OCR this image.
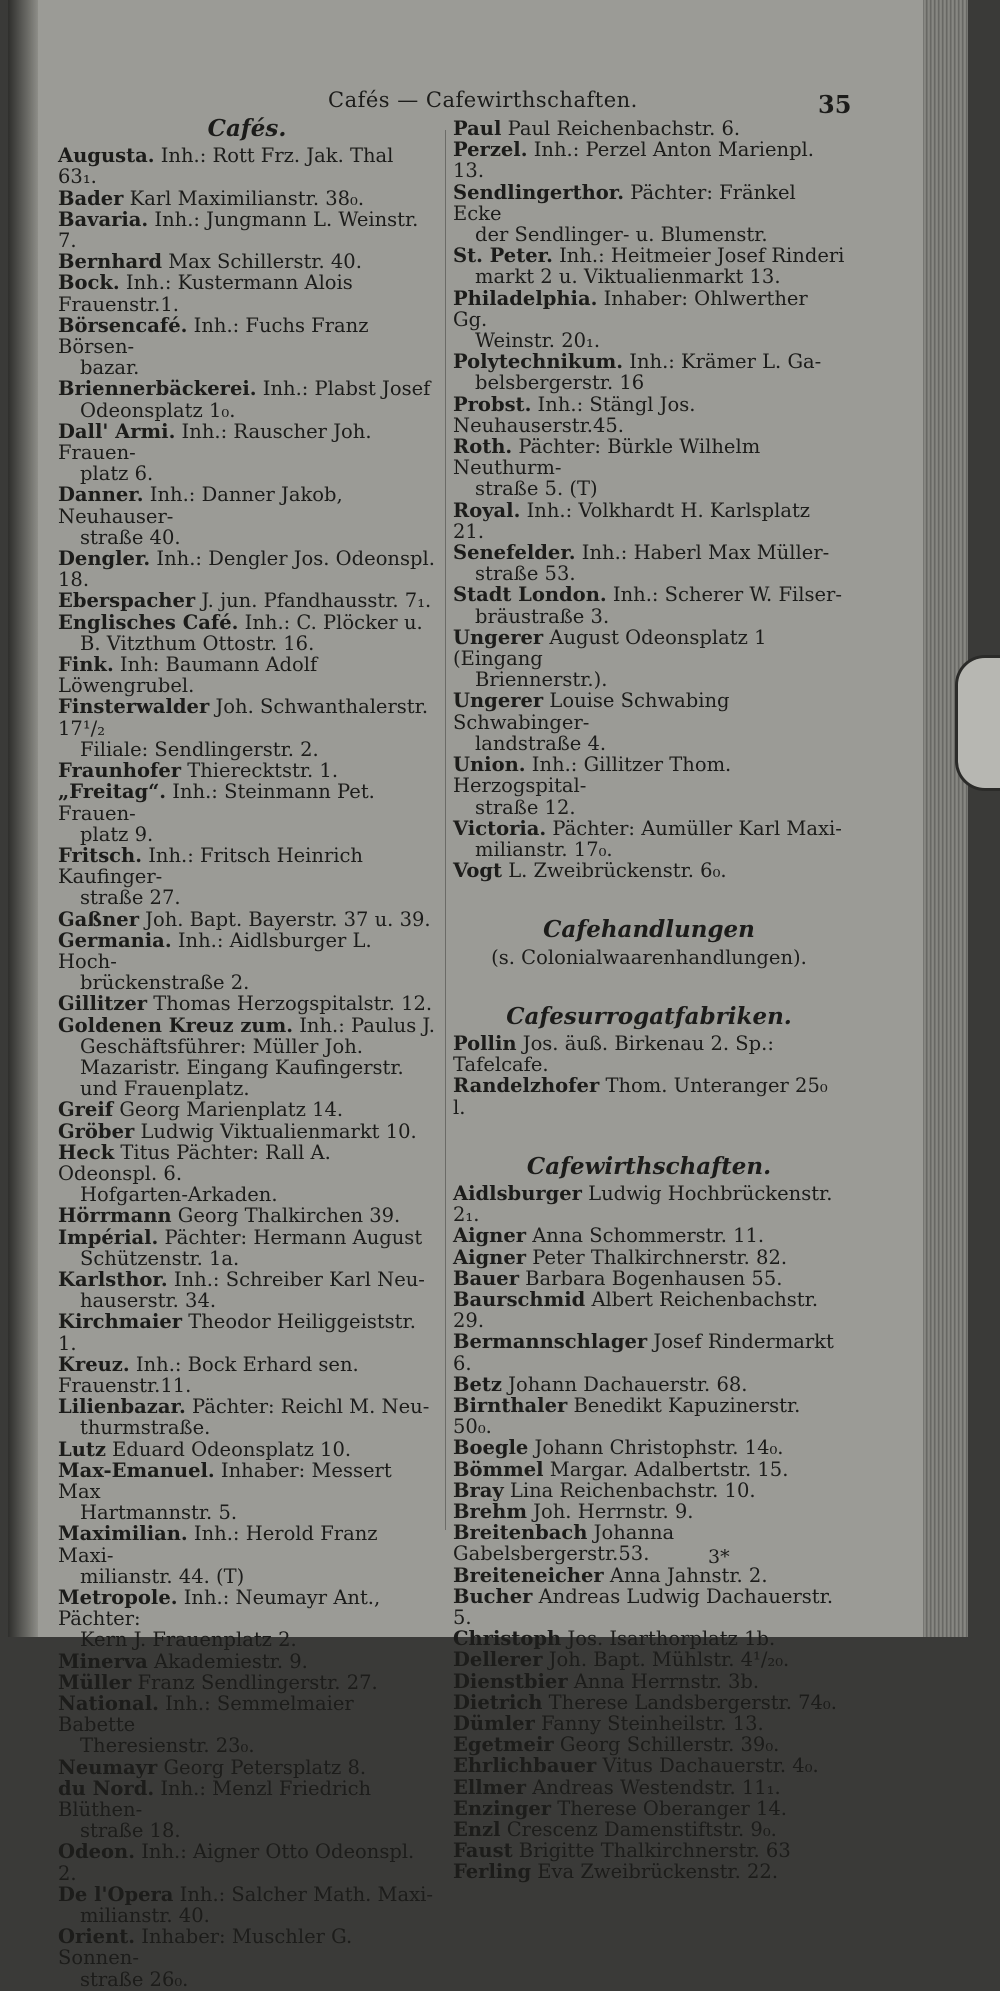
Cafés — Cafewirthschaften.	35

Cafés.

Augusta. Inh.: Rott Frz. Jak. Thal 63₁.

Bader Karl Maximilianstr. 38₀.

Bavaria. Inh.: Jungmann L. Weinstr. 7.

Bernhard Max Schillerstr. 40.

Bock. Inh.: Kustermann Alois Frauenstr.1.

Börsencafé. Inh.: Fuchs Franz Börsen-
bazar.

Briennerbäckerei. Inh.: Plabst Josef
Odeonsplatz 1₀.

Dall' Armi. Inh.: Rauscher Joh. Frauen-
platz 6.

Danner. Inh.: Danner Jakob, Neuhauser-
straße 40.

Dengler. Inh.: Dengler Jos. Odeonspl. 18.

Eberspacher J. jun. Pfandhausstr. 7₁.

Englisches Café. Inh.: C. Plöcker u.
B. Vitzthum Ottostr. 16.

Fink. Inh: Baumann Adolf Löwengrubel.

Finsterwalder Joh. Schwanthalerstr. 17¹/₂
Filiale: Sendlingerstr. 2.

Fraunhofer Thierecktstr. 1.

„Freitag“. Inh.: Steinmann Pet. Frauen-
platz 9.

Fritsch. Inh.: Fritsch Heinrich Kaufinger-
straße 27.

Gaßner Joh. Bapt. Bayerstr. 37 u. 39.

Germania. Inh.: Aidlsburger L. Hoch-
brückenstraße 2.

Gillitzer Thomas Herzogspitalstr. 12.

Goldenen Kreuz zum. Inh.: Paulus J.
Geschäftsführer: Müller Joh. Mazaristr. Eingang Kaufingerstr. und Frauenplatz.

Greif Georg Marienplatz 14.

Gröber Ludwig Viktualienmarkt 10.

Heck Titus Pächter: Rall A. Odeonspl. 6.
Hofgarten-Arkaden.

Hörrmann Georg Thalkirchen 39.

Impérial. Pächter: Hermann August
Schützenstr. 1a.

Karlsthor. Inh.: Schreiber Karl Neu-
hauserstr. 34.

Kirchmaier Theodor Heiliggeiststr. 1.

Kreuz. Inh.: Bock Erhard sen. Frauenstr.11.

Lilienbazar. Pächter: Reichl M. Neu-
thurmstraße.

Lutz Eduard Odeonsplatz 10.

Max-Emanuel. Inhaber: Messert Max
Hartmannstr. 5.

Maximilian. Inh.: Herold Franz Maxi-
milianstr. 44. (T)

Metropole. Inh.: Neumayr Ant., Pächter:
Kern J. Frauenplatz 2.

Minerva Akademiestr. 9.

Müller Franz Sendlingerstr. 27.

National. Inh.: Semmelmaier Babette
Theresienstr. 23₀.

Neumayr Georg Petersplatz 8.

du Nord. Inh.: Menzl Friedrich Blüthen-
straße 18.

Odeon. Inh.: Aigner Otto Odeonspl. 2.

De l'Opera Inh.: Salcher Math. Maxi-
milianstr. 40.

Orient. Inhaber: Muschler G. Sonnen-
straße 26₀.

Paul Paul Reichenbachstr. 6.

Perzel. Inh.: Perzel Anton Marienpl. 13.

Sendlingerthor. Pächter: Fränkel Ecke
der Sendlinger- u. Blumenstr.

St. Peter. Inh.: Heitmeier Josef Rinderi
markt 2 u. Viktualienmarkt 13.

Philadelphia. Inhaber: Ohlwerther Gg.
Weinstr. 20₁.

Polytechnikum. Inh.: Krämer L. Ga-
belsbergerstr. 16

Probst. Inh.: Stängl Jos. Neuhauserstr.45.

Roth. Pächter: Bürkle Wilhelm Neuthurm-
straße 5. (T)

Royal. Inh.: Volkhardt H. Karlsplatz 21.

Senefelder. Inh.: Haberl Max Müller-
straße 53.

Stadt London. Inh.: Scherer W. Filser-
bräustraße 3.

Ungerer August Odeonsplatz 1 (Eingang
Briennerstr.).

Ungerer Louise Schwabing Schwabinger-
landstraße 4.

Union. Inh.: Gillitzer Thom. Herzogspital-
straße 12.

Victoria. Pächter: Aumüller Karl Maxi-
milianstr. 17₀.

Vogt L. Zweibrückenstr. 6₀.

Cafehandlungen

(s. Colonialwaarenhandlungen).

Cafesurrogatfabriken.

Pollin Jos. äuß. Birkenau 2. Sp.: Tafelcafe.

Randelzhofer Thom. Unteranger 25₀ l.

Cafewirthschaften.

Aidlsburger Ludwig Hochbrückenstr. 2₁.

Aigner Anna Schommerstr. 11.

Aigner Peter Thalkirchnerstr. 82.

Bauer Barbara Bogenhausen 55.

Baurschmid Albert Reichenbachstr. 29.

Bermannschlager Josef Rindermarkt 6.

Betz Johann Dachauerstr. 68.

Birnthaler Benedikt Kapuzinerstr. 50₀.

Boegle Johann Christophstr. 14₀.

Bömmel Margar. Adalbertstr. 15.

Bray Lina Reichenbachstr. 10.

Brehm Joh. Herrnstr. 9.

Breitenbach Johanna Gabelsbergerstr.53.

Breiteneicher Anna Jahnstr. 2.

Bucher Andreas Ludwig Dachauerstr. 5.

Christoph Jos. Isarthorplatz 1b.

Dellerer Joh. Bapt. Mühlstr. 4¹/₂₀.

Dienstbier Anna Herrnstr. 3b.

Dietrich Therese Landsbergerstr. 74₀.

Dümler Fanny Steinheilstr. 13.

Egetmeir Georg Schillerstr. 39₀.

Ehrlichbauer Vitus Dachauerstr. 4₀.

Ellmer Andreas Westendstr. 11₁.

Enzinger Therese Oberanger 14.

Enzl Crescenz Damenstiftstr. 9₀.

Faust Brigitte Thalkirchnerstr. 63

Ferling Eva Zweibrückenstr. 22.

3*
